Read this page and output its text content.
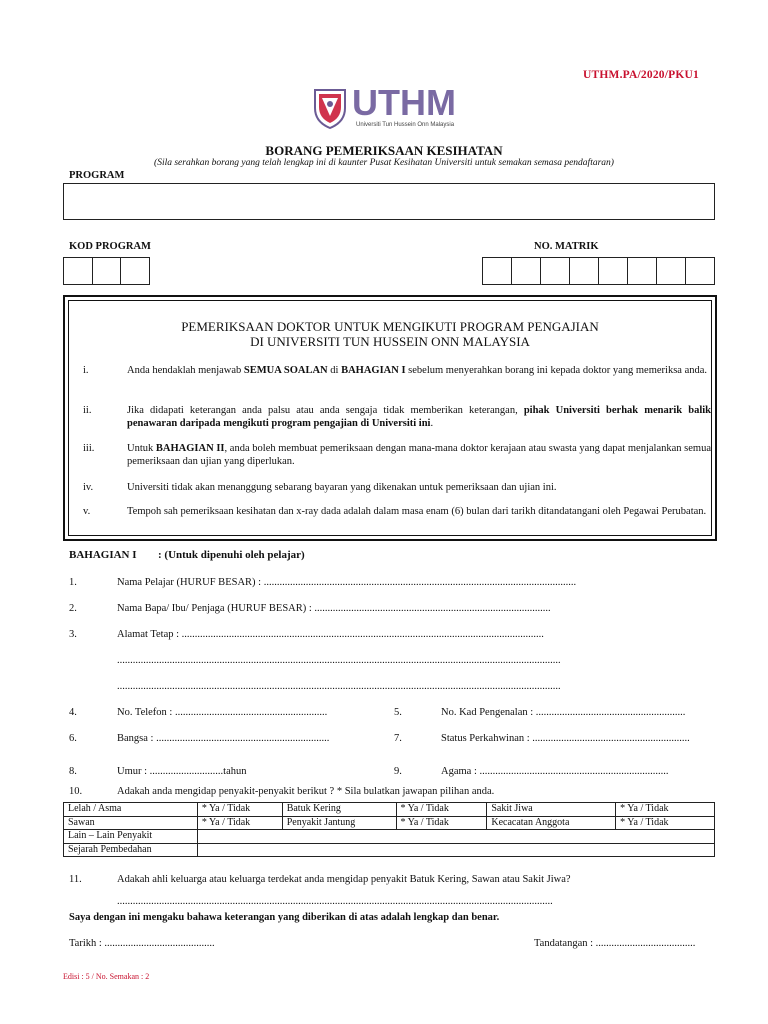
UTHM.PA/2020/PKU1
UTHM
Universiti Tun Hussein Onn Malaysia
BORANG PEMERIKSAAN KESIHATAN
(Sila serahkan borang yang telah lengkap ini di kaunter Pusat Kesihatan Universiti untuk semakan semasa pendaftaran)
PROGRAM
KOD PROGRAM	NO. MATRIK
PEMERIKSAAN DOKTOR UNTUK MENGIKUTI PROGRAM PENGAJIAN
DI UNIVERSITI TUN HUSSEIN ONN MALAYSIA
i.	Anda hendaklah menjawab SEMUA SOALAN di BAHAGIAN I sebelum menyerahkan borang ini kepada doktor yang memeriksa anda.
ii.	Jika didapati keterangan anda palsu atau anda sengaja tidak memberikan keterangan, pihak Universiti berhak menarik balik penawaran daripada mengikuti program pengajian di Universiti ini.
iii.	Untuk BAHAGIAN II, anda boleh membuat pemeriksaan dengan mana-mana doktor kerajaan atau swasta yang dapat menjalankan semua pemeriksaan dan ujian yang diperlukan.
iv.	Universiti tidak akan menanggung sebarang bayaran yang dikenakan untuk pemeriksaan dan ujian ini.
v.	Tempoh sah pemeriksaan kesihatan dan x-ray dada adalah dalam masa enam (6) bulan dari tarikh ditandatangani oleh Pegawai Perubatan.
BAHAGIAN I : (Untuk dipenuhi oleh pelajar)
1.	Nama Pelajar (HURUF BESAR) : .......................................................................................................................
2.	Nama Bapa/ Ibu/ Penjaga (HURUF BESAR) : ..........................................................................................
3.	Alamat Tetap : ..........................................................................................................................................
.........................................................................................................................................................................
.........................................................................................................................................................................
4.	No. Telefon : ..........................................................	5.	No. Kad Pengenalan : .........................................................
6.	Bangsa : ..................................................................	7.	Status Perkahwinan : ............................................................
8.	Umur : ............................tahun	9.	Agama : ........................................................................
10.	Adakah anda mengidap penyakit-penyakit berikut ? * Sila bulatkan jawapan pilihan anda.
Lelah / Asma	* Ya / Tidak	Batuk Kering	* Ya / Tidak	Sakit Jiwa	* Ya / Tidak
Sawan	* Ya / Tidak	Penyakit Jantung	* Ya / Tidak	Kecacatan Anggota	* Ya / Tidak
Lain – Lain Penyakit					
Sejarah Pembedahan					
11.	Adakah ahli keluarga atau keluarga terdekat anda mengidap penyakit Batuk Kering, Sawan atau Sakit Jiwa?
......................................................................................................................................................................
Saya dengan ini mengaku bahawa keterangan yang diberikan di atas adalah lengkap dan benar.
Tarikh : ..........................................	Tandatangan : ......................................
Edisi : 5 / No. Semakan : 2
